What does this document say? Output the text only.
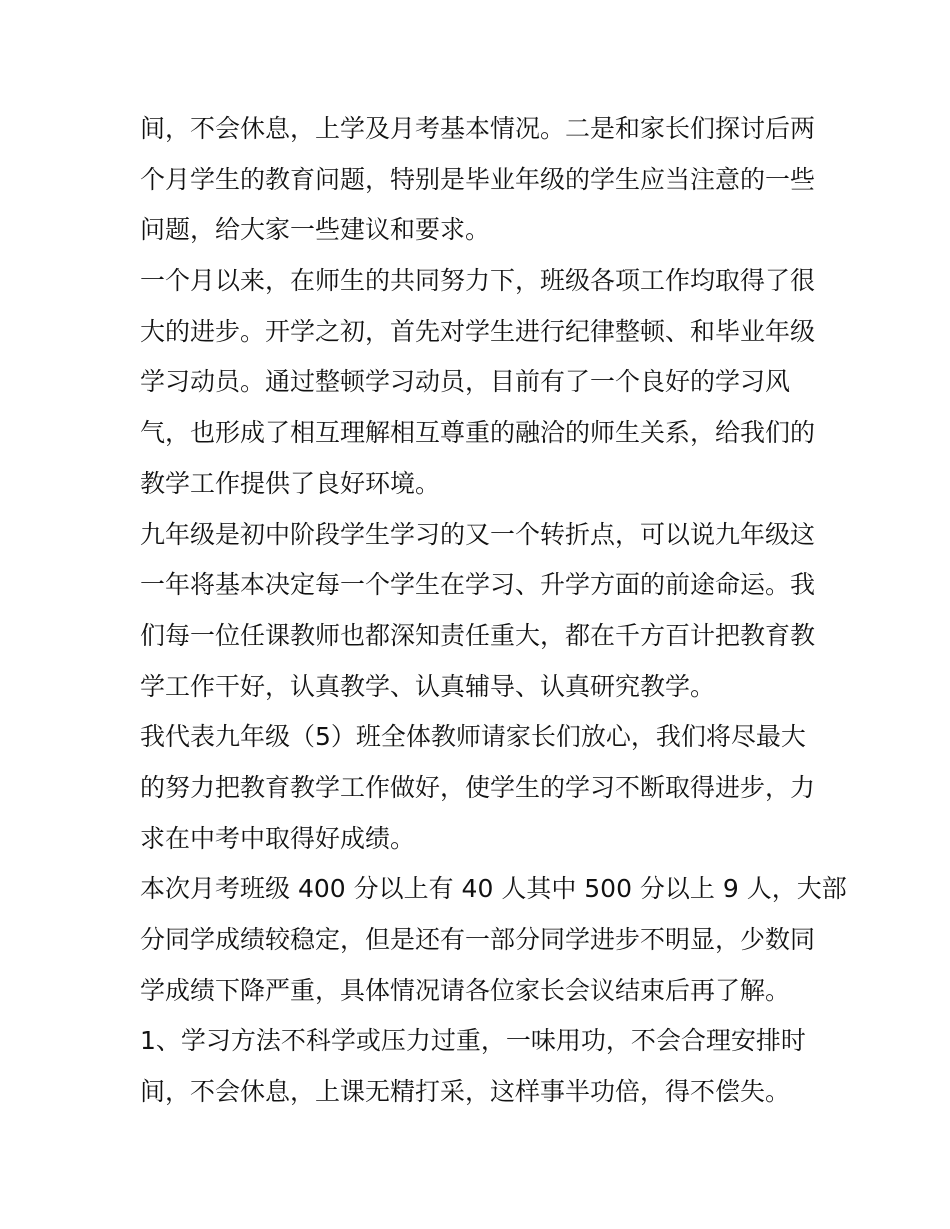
间，不会休息，上学及月考基本情况。二是和家长们探讨后两
个月学生的教育问题，特别是毕业年级的学生应当注意的一些
问题，给大家一些建议和要求。

一个月以来，在师生的共同努力下，班级各项工作均取得了很
大的进步。开学之初，首先对学生进行纪律整顿、和毕业年级
学习动员。通过整顿学习动员，目前有了一个良好的学习风
气，也形成了相互理解相互尊重的融洽的师生关系，给我们的
教学工作提供了良好环境。

九年级是初中阶段学生学习的又一个转折点，可以说九年级这
一年将基本决定每一个学生在学习、升学方面的前途命运。我
们每一位任课教师也都深知责任重大，都在千方百计把教育教
学工作干好，认真教学、认真辅导、认真研究教学。

我代表九年级（5）班全体教师请家长们放心，我们将尽最大
的努力把教育教学工作做好，使学生的学习不断取得进步，力
求在中考中取得好成绩。

本次月考班级 400 分以上有 40 人其中 500 分以上 9 人，大部
分同学成绩较稳定，但是还有一部分同学进步不明显，少数同
学成绩下降严重，具体情况请各位家长会议结束后再了解。

1、学习方法不科学或压力过重，一味用功，不会合理安排时
间，不会休息，上课无精打采，这样事半功倍，得不偿失。
